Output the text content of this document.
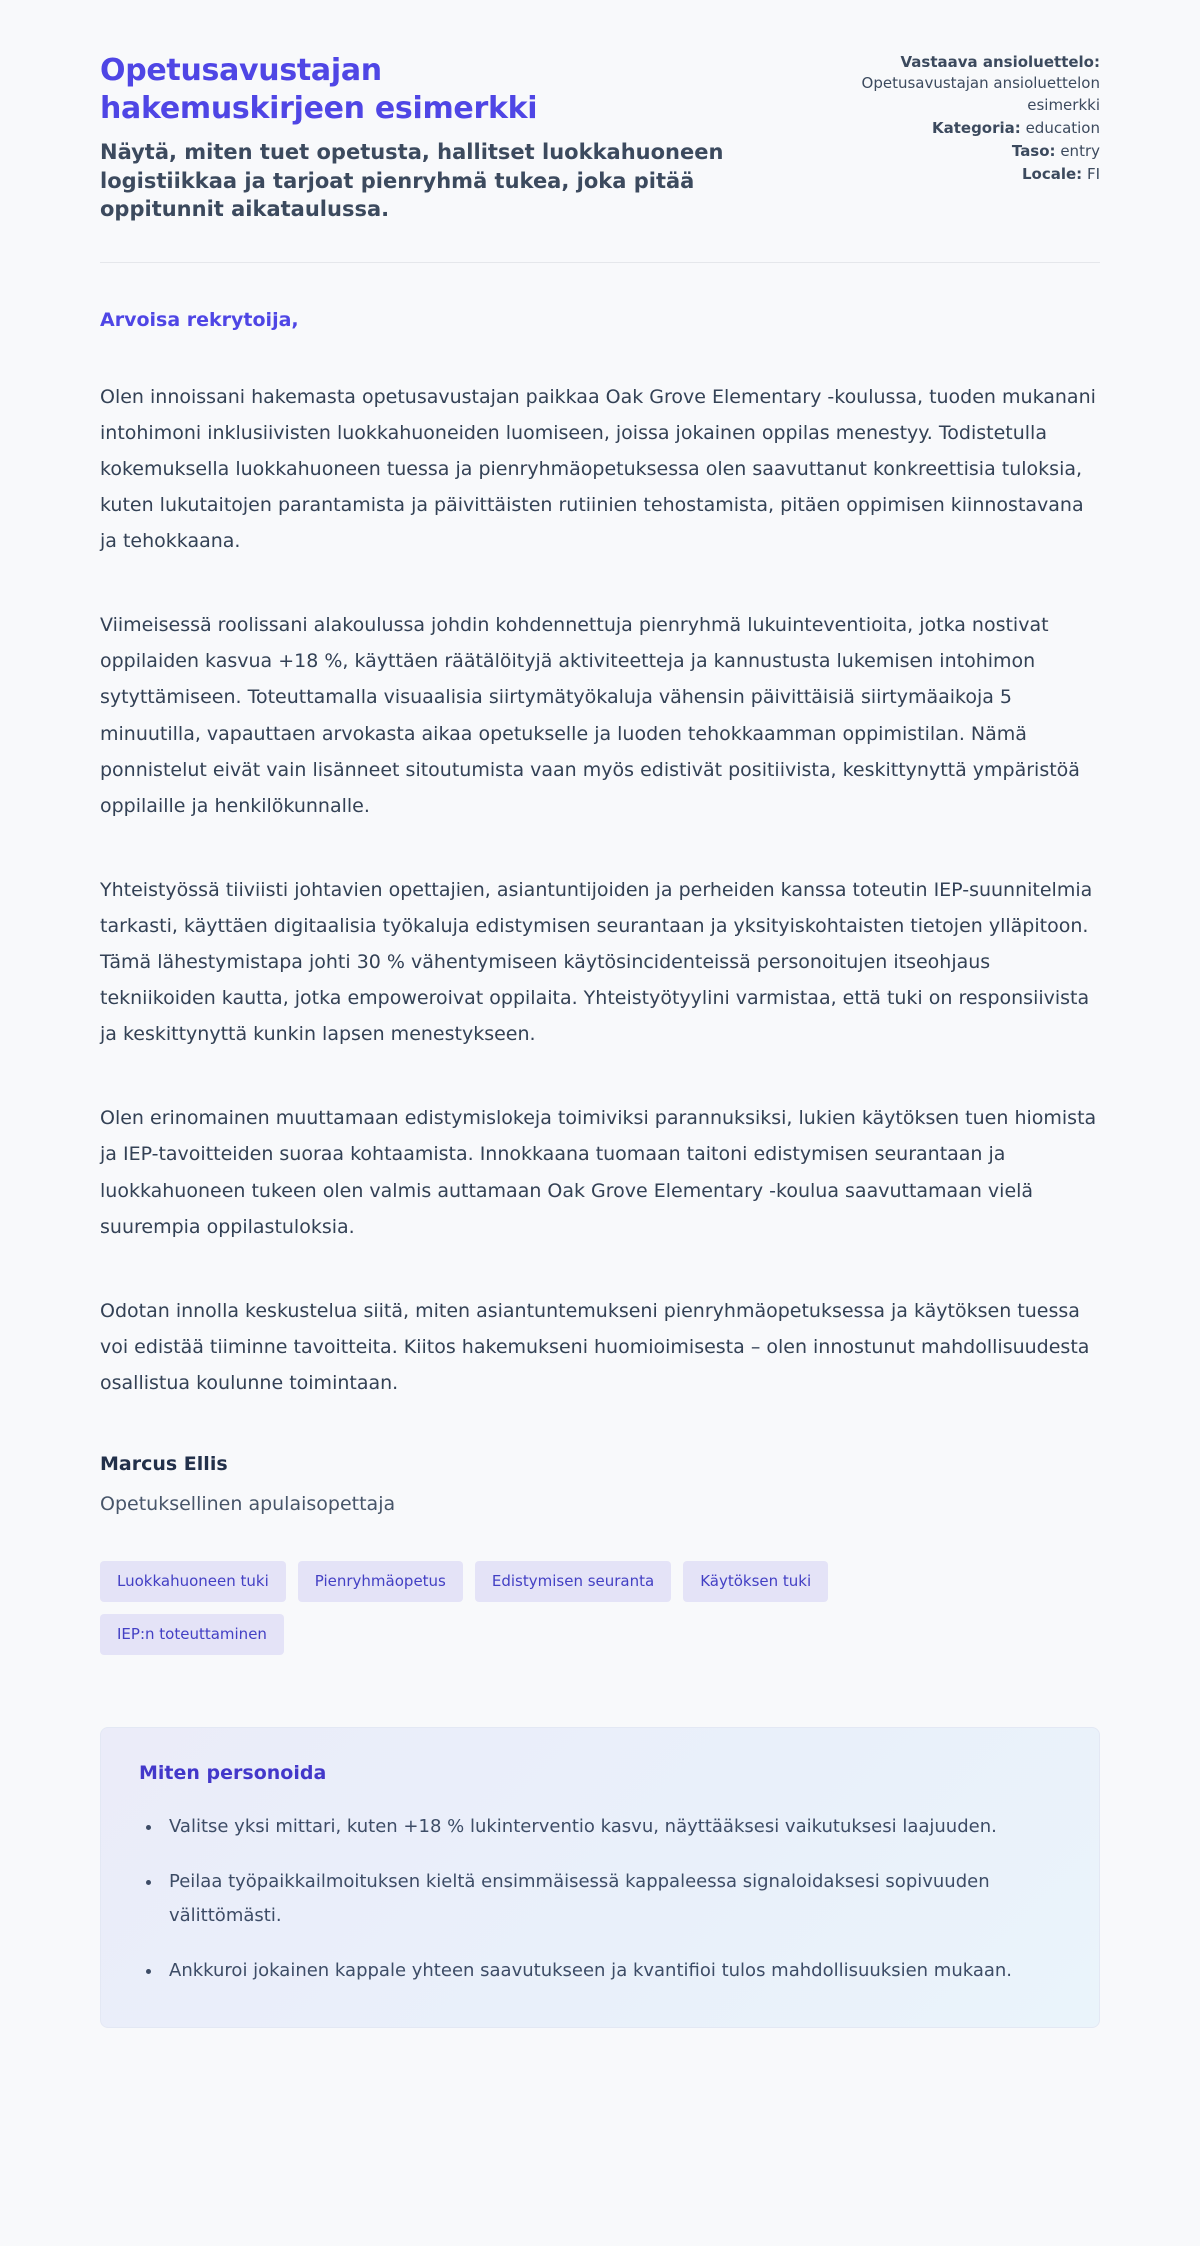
Opetusavustajan hakemuskirjeen esimerkki

Näytä, miten tuet opetusta, hallitset luokkahuoneen logistiikkaa ja tarjoat pienryhmä tukea, joka pitää oppitunnit aikataulussa.

Vastaava ansioluettelo: Opetusavustajan ansioluettelon esimerkki
Kategoria: education
Taso: entry
Locale: FI

Arvoisa rekrytoija,

Olen innoissani hakemasta opetusavustajan paikkaa Oak Grove Elementary -koulussa, tuoden mukanani intohimoni inklusiivisten luokkahuoneiden luomiseen, joissa jokainen oppilas menestyy. Todistetulla kokemuksella luokkahuoneen tuessa ja pienryhmäopetuksessa olen saavuttanut konkreettisia tuloksia, kuten lukutaitojen parantamista ja päivittäisten rutiinien tehostamista, pitäen oppimisen kiinnostavana ja tehokkaana.

Viimeisessä roolissani alakoulussa johdin kohdennettuja pienryhmä lukuinteventioita, jotka nostivat oppilaiden kasvua +18 %, käyttäen räätälöityjä aktiviteetteja ja kannustusta lukemisen intohimon sytyttämiseen. Toteuttamalla visuaalisia siirtymätyökaluja vähensin päivittäisiä siirtymäaikoja 5 minuutilla, vapauttaen arvokasta aikaa opetukselle ja luoden tehokkaamman oppimistilan. Nämä ponnistelut eivät vain lisänneet sitoutumista vaan myös edistivät positiivista, keskittynyttä ympäristöä oppilaille ja henkilökunnalle.

Yhteistyössä tiiviisti johtavien opettajien, asiantuntijoiden ja perheiden kanssa toteutin IEP-suunnitelmia tarkasti, käyttäen digitaalisia työkaluja edistymisen seurantaan ja yksityiskohtaisten tietojen ylläpitoon. Tämä lähestymistapa johti 30 % vähentymiseen käytösincidenteissä personoitujen itseohjaus tekniikoiden kautta, jotka empoweroivat oppilaita. Yhteistyötyylini varmistaa, että tuki on responsiivista ja keskittynyttä kunkin lapsen menestykseen.

Olen erinomainen muuttamaan edistymislokeja toimiviksi parannuksiksi, lukien käytöksen tuen hiomista ja IEP-tavoitteiden suoraa kohtaamista. Innokkaana tuomaan taitoni edistymisen seurantaan ja luokkahuoneen tukeen olen valmis auttamaan Oak Grove Elementary -koulua saavuttamaan vielä suurempia oppilastuloksia.

Odotan innolla keskustelua siitä, miten asiantuntemukseni pienryhmäopetuksessa ja käytöksen tuessa voi edistää tiiminne tavoitteita. Kiitos hakemukseni huomioimisesta – olen innostunut mahdollisuudesta osallistua koulunne toimintaan.

Marcus Ellis

Opetuksellinen apulaisopettaja

Luokkahuoneen tuki	Pienryhmäopetus	Edistymisen seuranta	Käytöksen tuki
IEP:n toteuttaminen
Miten personoida
• Valitse yksi mittari, kuten +18 % lukinterventio kasvu, näyttääksesi vaikutuksesi laajuuden.
• Peilaa työpaikkailmoituksen kieltä ensimmäisessä kappaleessa signaloidaksesi sopivuuden välittömästi.
• Ankkuroi jokainen kappale yhteen saavutukseen ja kvantifioi tulos mahdollisuuksien mukaan.
